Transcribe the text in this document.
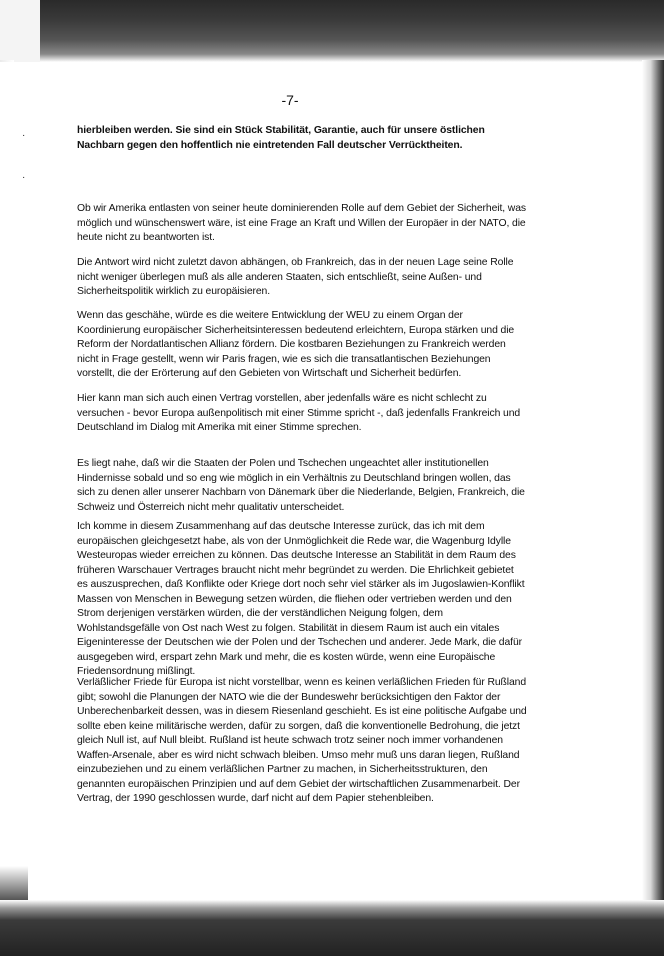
-7-
·
·
hierbleiben werden. Sie sind ein Stück Stabilität, Garantie, auch für unsere östlichen Nachbarn gegen den hoffentlich nie eintretenden Fall deutscher Verrücktheiten.
Ob wir Amerika entlasten von seiner heute dominierenden Rolle auf dem Gebiet der Sicherheit, was möglich und wünschenswert wäre, ist eine Frage an Kraft und Willen der Europäer in der NATO, die heute nicht zu beantworten ist.
Die Antwort wird nicht zuletzt davon abhängen, ob Frankreich, das in der neuen Lage seine Rolle nicht weniger überlegen muß als alle anderen Staaten, sich entschließt, seine Außen- und Sicherheitspolitik wirklich zu europäisieren.
Wenn das geschähe, würde es die weitere Entwicklung der WEU zu einem Organ der Koordinierung europäischer Sicherheitsinteressen bedeutend erleichtern, Europa stärken und die Reform der Nordatlantischen Allianz fördern. Die kostbaren Beziehungen zu Frankreich werden nicht in Frage gestellt, wenn wir Paris fragen, wie es sich die transatlantischen Beziehungen vorstellt, die der Erörterung auf den Gebieten von Wirtschaft und Sicherheit bedürfen.
Hier kann man sich auch einen Vertrag vorstellen, aber jedenfalls wäre es nicht schlecht zu versuchen - bevor Europa außenpolitisch mit einer Stimme spricht -, daß jedenfalls Frankreich und Deutschland im Dialog mit Amerika mit einer Stimme sprechen.
Es liegt nahe, daß wir die Staaten der Polen und Tschechen ungeachtet aller institutionellen Hindernisse sobald und so eng wie möglich in ein Verhältnis zu Deutschland bringen wollen, das sich zu denen aller unserer Nachbarn von Dänemark über die Niederlande, Belgien, Frankreich, die Schweiz und Österreich nicht mehr qualitativ unterscheidet.
Ich komme in diesem Zusammenhang auf das deutsche Interesse zurück, das ich mit dem europäischen gleichgesetzt habe, als von der Unmöglichkeit die Rede war, die Wagenburg Idylle Westeuropas wieder erreichen zu können. Das deutsche Interesse an Stabilität in dem Raum des früheren Warschauer Vertrages braucht nicht mehr begründet zu werden. Die Ehrlichkeit gebietet es auszusprechen, daß Konflikte oder Kriege dort noch sehr viel stärker als im Jugoslawien-Konflikt Massen von Menschen in Bewegung setzen würden, die fliehen oder vertrieben werden und den Strom derjenigen verstärken würden, die der verständlichen Neigung folgen, dem Wohlstandsgefälle von Ost nach West zu folgen. Stabilität in diesem Raum ist auch ein vitales Eigeninteresse der Deutschen wie der Polen und der Tschechen und anderer. Jede Mark, die dafür ausgegeben wird, erspart zehn Mark und mehr, die es kosten würde, wenn eine Europäische Friedensordnung mißlingt.
Verläßlicher Friede für Europa ist nicht vorstellbar, wenn es keinen verläßlichen Frieden für Rußland gibt; sowohl die Planungen der NATO wie die der Bundeswehr berücksichtigen den Faktor der Unberechenbarkeit dessen, was in diesem Riesenland geschieht. Es ist eine politische Aufgabe und sollte eben keine militärische werden, dafür zu sorgen, daß die konventionelle Bedrohung, die jetzt gleich Null ist, auf Null bleibt. Rußland ist heute schwach trotz seiner noch immer vorhandenen Waffen-Arsenale, aber es wird nicht schwach bleiben. Umso mehr muß uns daran liegen, Rußland einzubeziehen und zu einem verläßlichen Partner zu machen, in Sicherheitsstrukturen, den genannten europäischen Prinzipien und auf dem Gebiet der wirtschaftlichen Zusammenarbeit. Der Vertrag, der 1990 geschlossen wurde, darf nicht auf dem Papier stehenbleiben.
